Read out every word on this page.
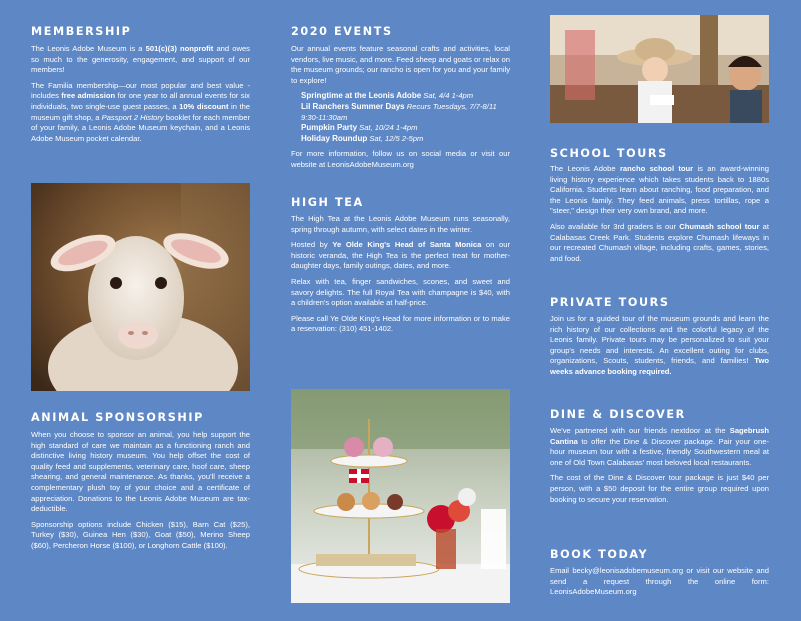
MEMBERSHIP

The Leonis Adobe Museum is a 501(c)(3) nonprofit and owes so much to the generosity, engagement, and support of our members!

The Familia membership—our most popular and best value - includes free admission for one year to all annual events for six individuals, two single-use guest passes, a 10% discount in the museum gift shop, a Passport 2 History booklet for each member of your family, a Leonis Adobe Museum keychain, and a Leonis Adobe Museum pocket calendar.

ANIMAL SPONSORSHIP

When you choose to sponsor an animal, you help support the high standard of care we maintain as a functioning ranch and distinctive living history museum. You help offset the cost of quality feed and supplements, veterinary care, hoof care, sheep shearing, and general maintenance. As thanks, you'll receive a complementary plush toy of your choice and a certificate of appreciation. Donations to the Leonis Adobe Museum are tax-deductible.

Sponsorship options include Chicken ($15), Barn Cat ($25), Turkey ($30), Guinea Hen ($30), Goat ($50), Merino Sheep ($60), Percheron Horse ($100), or Longhorn Cattle ($100).

2020 EVENTS

Our annual events feature seasonal crafts and activities, local vendors, live music, and more. Feed sheep and goats or relax on the museum grounds; our rancho is open for you and your family to explore!

Springtime at the Leonis Adobe Sat, 4/4 1-4pm
Lil Ranchers Summer Days Recurs Tuesdays, 7/7-8/11 9:30-11:30am
Pumpkin Party Sat, 10/24 1-4pm
Holiday Roundup Sat, 12/5 2-5pm

For more information, follow us on social media or visit our website at LeonisAdobeMuseum.org

HIGH TEA

The High Tea at the Leonis Adobe Museum runs seasonally, spring through autumn, with select dates in the winter.

Hosted by Ye Olde King's Head of Santa Monica on our historic veranda, the High Tea is the perfect treat for mother-daughter days, family outings, dates, and more.

Relax with tea, finger sandwiches, scones, and sweet and savory delights. The full Royal Tea with champagne is $40, with a children's option available at half-price.

Please call Ye Olde King's Head for more information or to make a reservation: (310) 451-1402.

SCHOOL TOURS

The Leonis Adobe rancho school tour is an award-winning living history experience which takes students back to 1880s California. Students learn about ranching, food preparation, and the Leonis family. They feed animals, press tortillas, rope a "steer," design their very own brand, and more.

Also available for 3rd graders is our Chumash school tour at Calabasas Creek Park. Students explore Chumash lifeways in our recreated Chumash village, including crafts, games, stories, and food.

PRIVATE TOURS

Join us for a guided tour of the museum grounds and learn the rich history of our collections and the colorful legacy of the Leonis family. Private tours may be personalized to suit your group's needs and interests. An excellent outing for clubs, organizations, Scouts, students, friends, and families! Two weeks advance booking required.

DINE & DISCOVER

We've partnered with our friends nextdoor at the Sagebrush Cantina to offer the Dine & Discover package. Pair your one-hour museum tour with a festive, friendly Southwestern meal at one of Old Town Calabasas' most beloved local restaurants.

The cost of the Dine & Discover tour package is just $40 per person, with a $50 deposit for the entire group required upon booking to secure your reservation.

BOOK TODAY

Email becky@leonisadobemuseum.org or visit our website and send a request through the online form: LeonisAdobeMuseum.org
